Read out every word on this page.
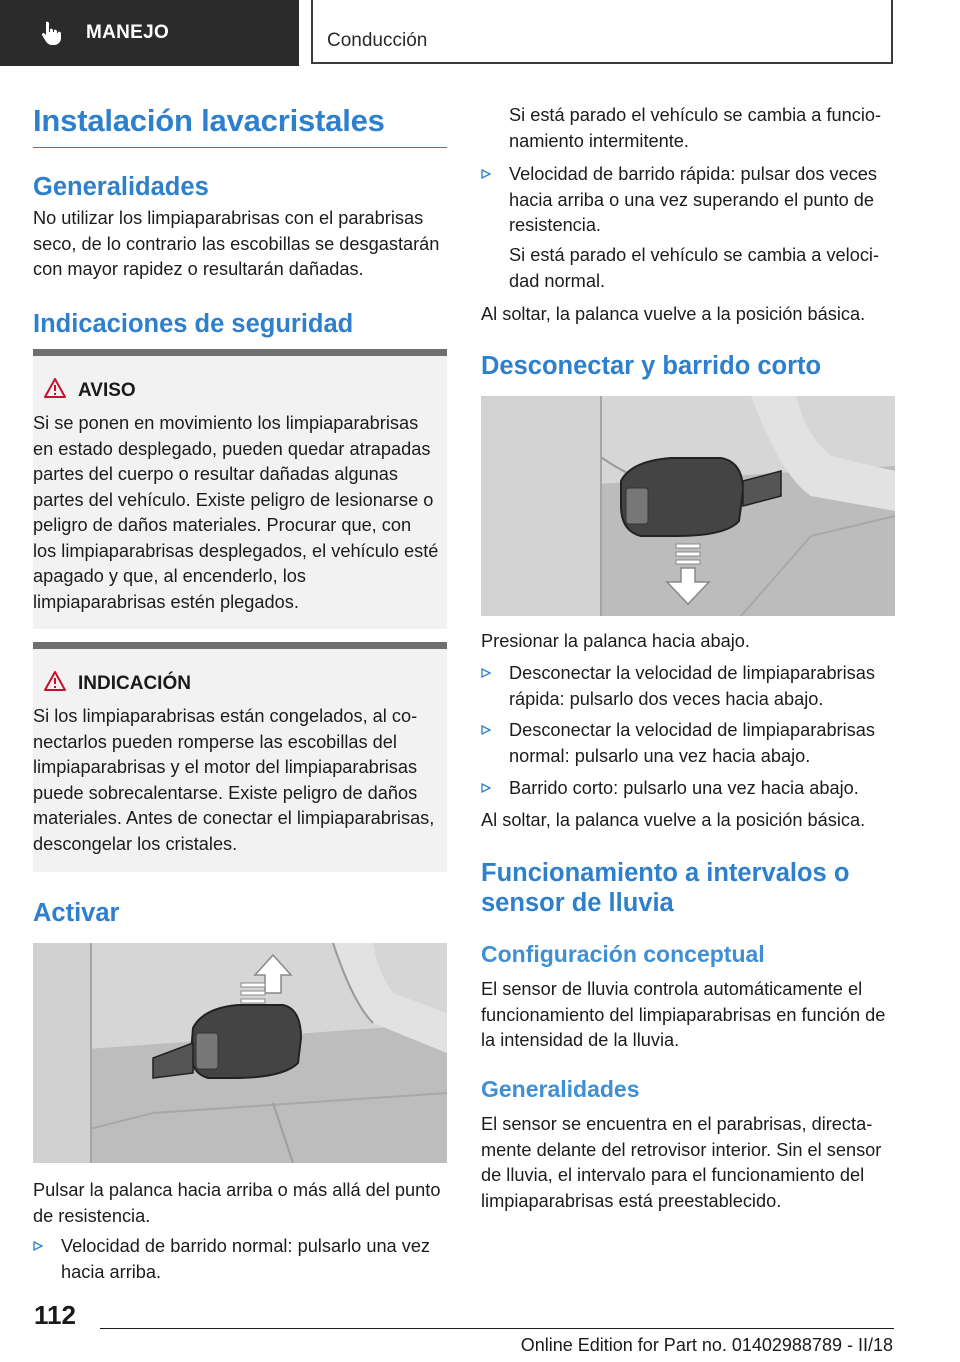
MANEJO	Conducción
Instalación lavacristales
Generalidades

No utilizar los limpiaparabrisas con el parabrisas seco, de lo contrario las escobillas se desgastarán con mayor rapidez o resultarán dañadas.

Indicaciones de seguridad
AVISO
Si se ponen en movimiento los limpiaparabrisas en estado desplegado, pueden quedar atrapadas partes del cuerpo o resultar dañadas algunas partes del vehículo. Existe peligro de lesionarse o peligro de daños materiales. Procurar que, con los limpiaparabrisas desplegados, el vehículo esté apagado y que, al encenderlo, los limpiaparabrisas estén plegados.
INDICACIÓN
Si los limpiaparabrisas están congelados, al conectarlos pueden romperse las escobillas del limpiaparabrisas y el motor del limpiaparabrisas puede sobrecalentarse. Existe peligro de daños materiales. Antes de conectar el limpiaparabrisas, descongelar los cristales.
Activar

Pulsar la palanca hacia arriba o más allá del punto de resistencia.

Velocidad de barrido normal: pulsarlo una vez hacia arriba.

Si está parado el vehículo se cambia a funcionamiento intermitente.

Velocidad de barrido rápida: pulsar dos veces hacia arriba o una vez superando el punto de resistencia.

Si está parado el vehículo se cambia a velocidad normal.

Al soltar, la palanca vuelve a la posición básica.

Desconectar y barrido corto

Presionar la palanca hacia abajo.

Desconectar la velocidad de limpiaparabrisas rápida: pulsarlo dos veces hacia abajo.
Desconectar la velocidad de limpiaparabrisas normal: pulsarlo una vez hacia abajo.
Barrido corto: pulsarlo una vez hacia abajo.

Al soltar, la palanca vuelve a la posición básica.

Funcionamiento a intervalos o sensor de lluvia
Configuración conceptual

El sensor de lluvia controla automáticamente el funcionamiento del limpiaparabrisas en función de la intensidad de la lluvia.

Generalidades

El sensor se encuentra en el parabrisas, directamente delante del retrovisor interior. Sin el sensor de lluvia, el intervalo para el funcionamiento del limpiaparabrisas está preestablecido.

112
Online Edition for Part no. 01402988789 - II/18
